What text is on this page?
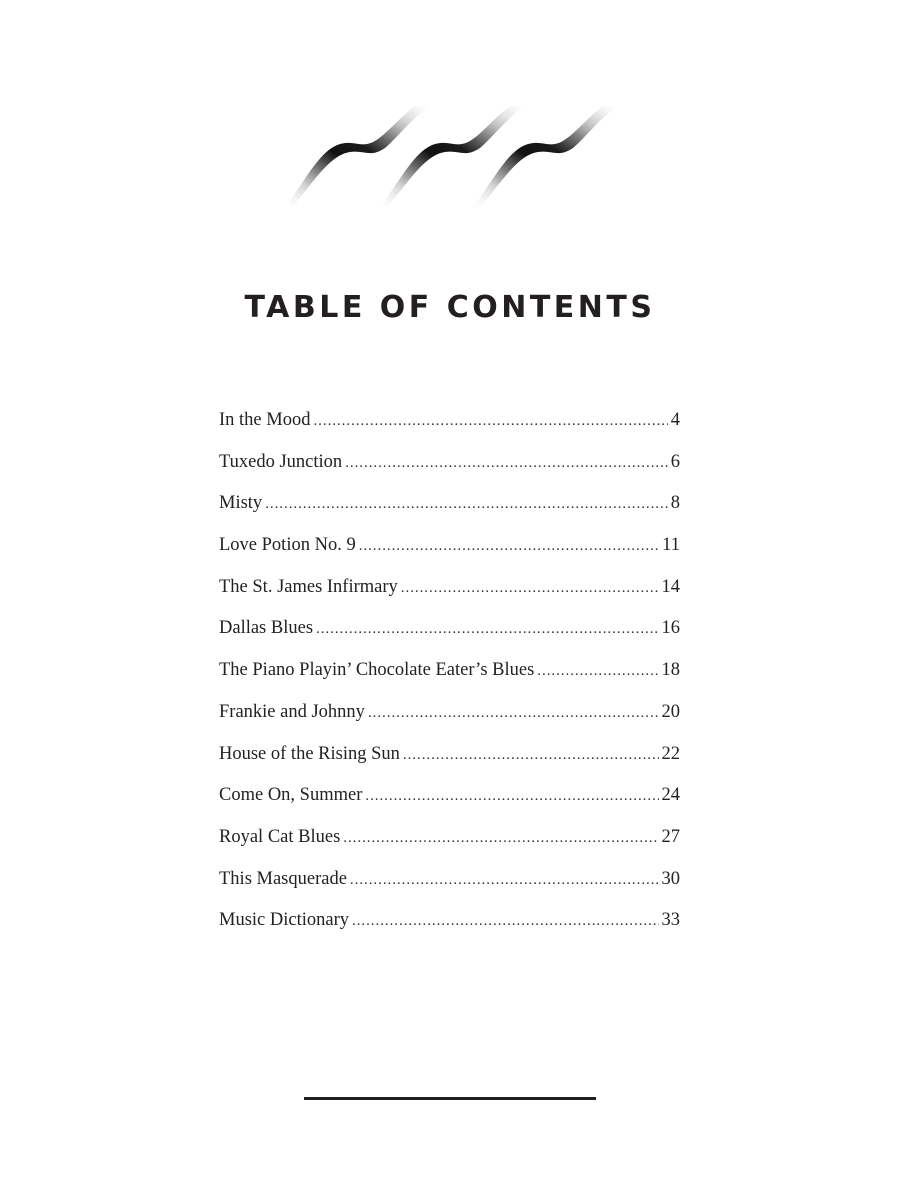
TABLE OF CONTENTS
In the Mood . . .	4
Tuxedo Junction . . .	6
Misty . . .	8
Love Potion No. 9 . . .	11
The St. James Infirmary . . .	14
Dallas Blues . . .	16
The Piano Playin’ Chocolate Eater’s Blues . . .	18
Frankie and Johnny . . .	20
House of the Rising Sun . . .	22
Come On, Summer . . .	24
Royal Cat Blues . . .	27
This Masquerade . . .	30
Music Dictionary . . .	33
